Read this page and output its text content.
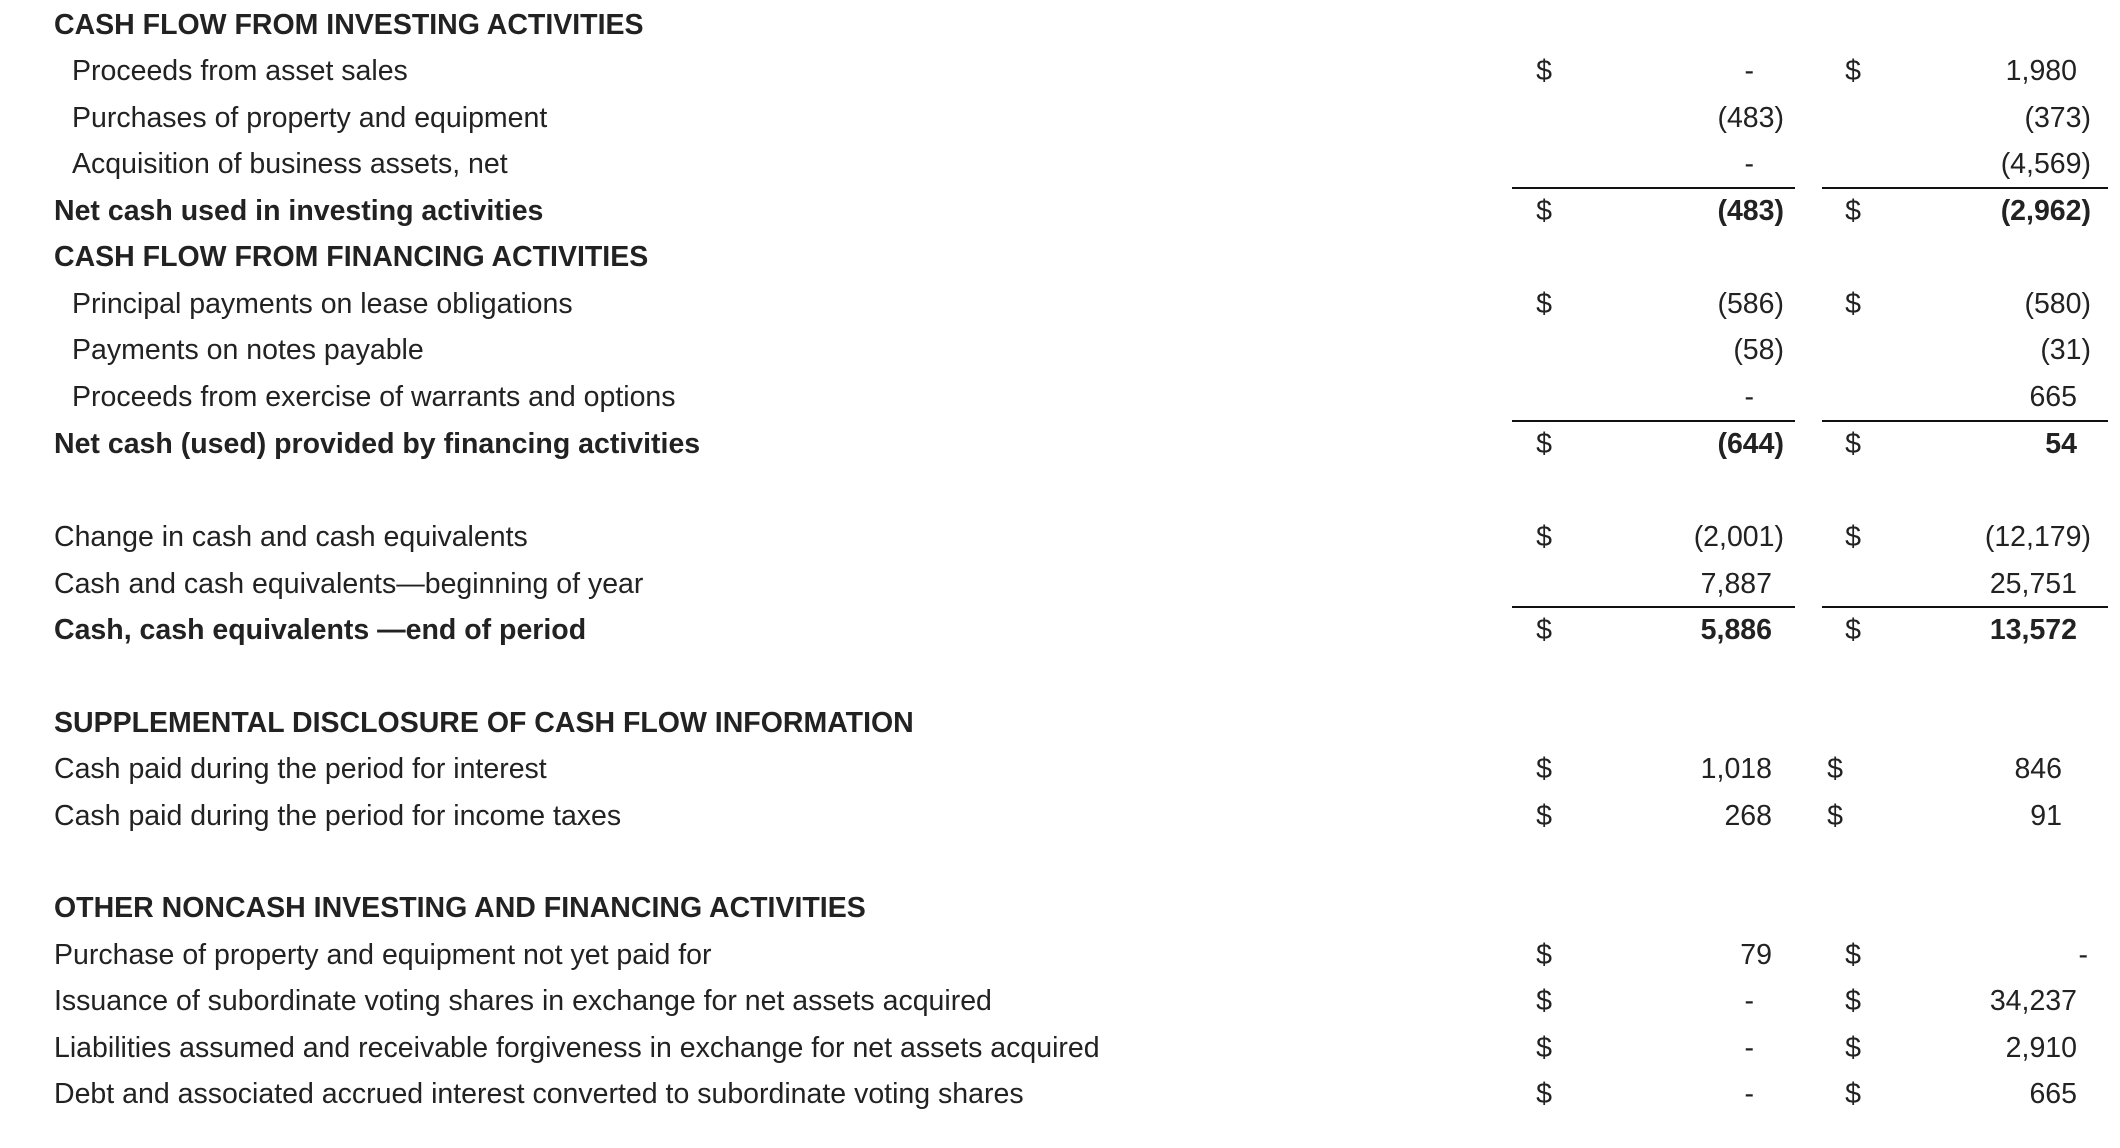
CASH FLOW FROM INVESTING ACTIVITIES
Proceeds from asset sales	$	-	$	1,980
Purchases of property and equipment	(483)	(373)
Acquisition of business assets, net	-	(4,569)
Net cash used in investing activities	$	(483) $	(2,962)
CASH FLOW FROM FINANCING ACTIVITIES
Principal payments on lease obligations	$	(586) $	(580)
Payments on notes payable	(58)	(31)
Proceeds from exercise of warrants and options	-	665
Net cash (used) provided by financing activities	$	(644) $	54
Change in cash and cash equivalents	$	(2,001) $	(12,179)
Cash and cash equivalents—beginning of year	7,887	25,751
Cash, cash equivalents —end of period	$	5,886	$	13,572
SUPPLEMENTAL DISCLOSURE OF CASH FLOW INFORMATION
Cash paid during the period for interest	$	1,018 $	846
Cash paid during the period for income taxes	$	268 $	91
OTHER NONCASH INVESTING AND FINANCING ACTIVITIES
Purchase of property and equipment not yet paid for	$	79	$	-
Issuance of subordinate voting shares in exchange for net assets acquired	$	-	$	34,237
Liabilities assumed and receivable forgiveness in exchange for net assets acquired	$	-	$	2,910
Debt and associated accrued interest converted to subordinate voting shares	$	-	$	665
